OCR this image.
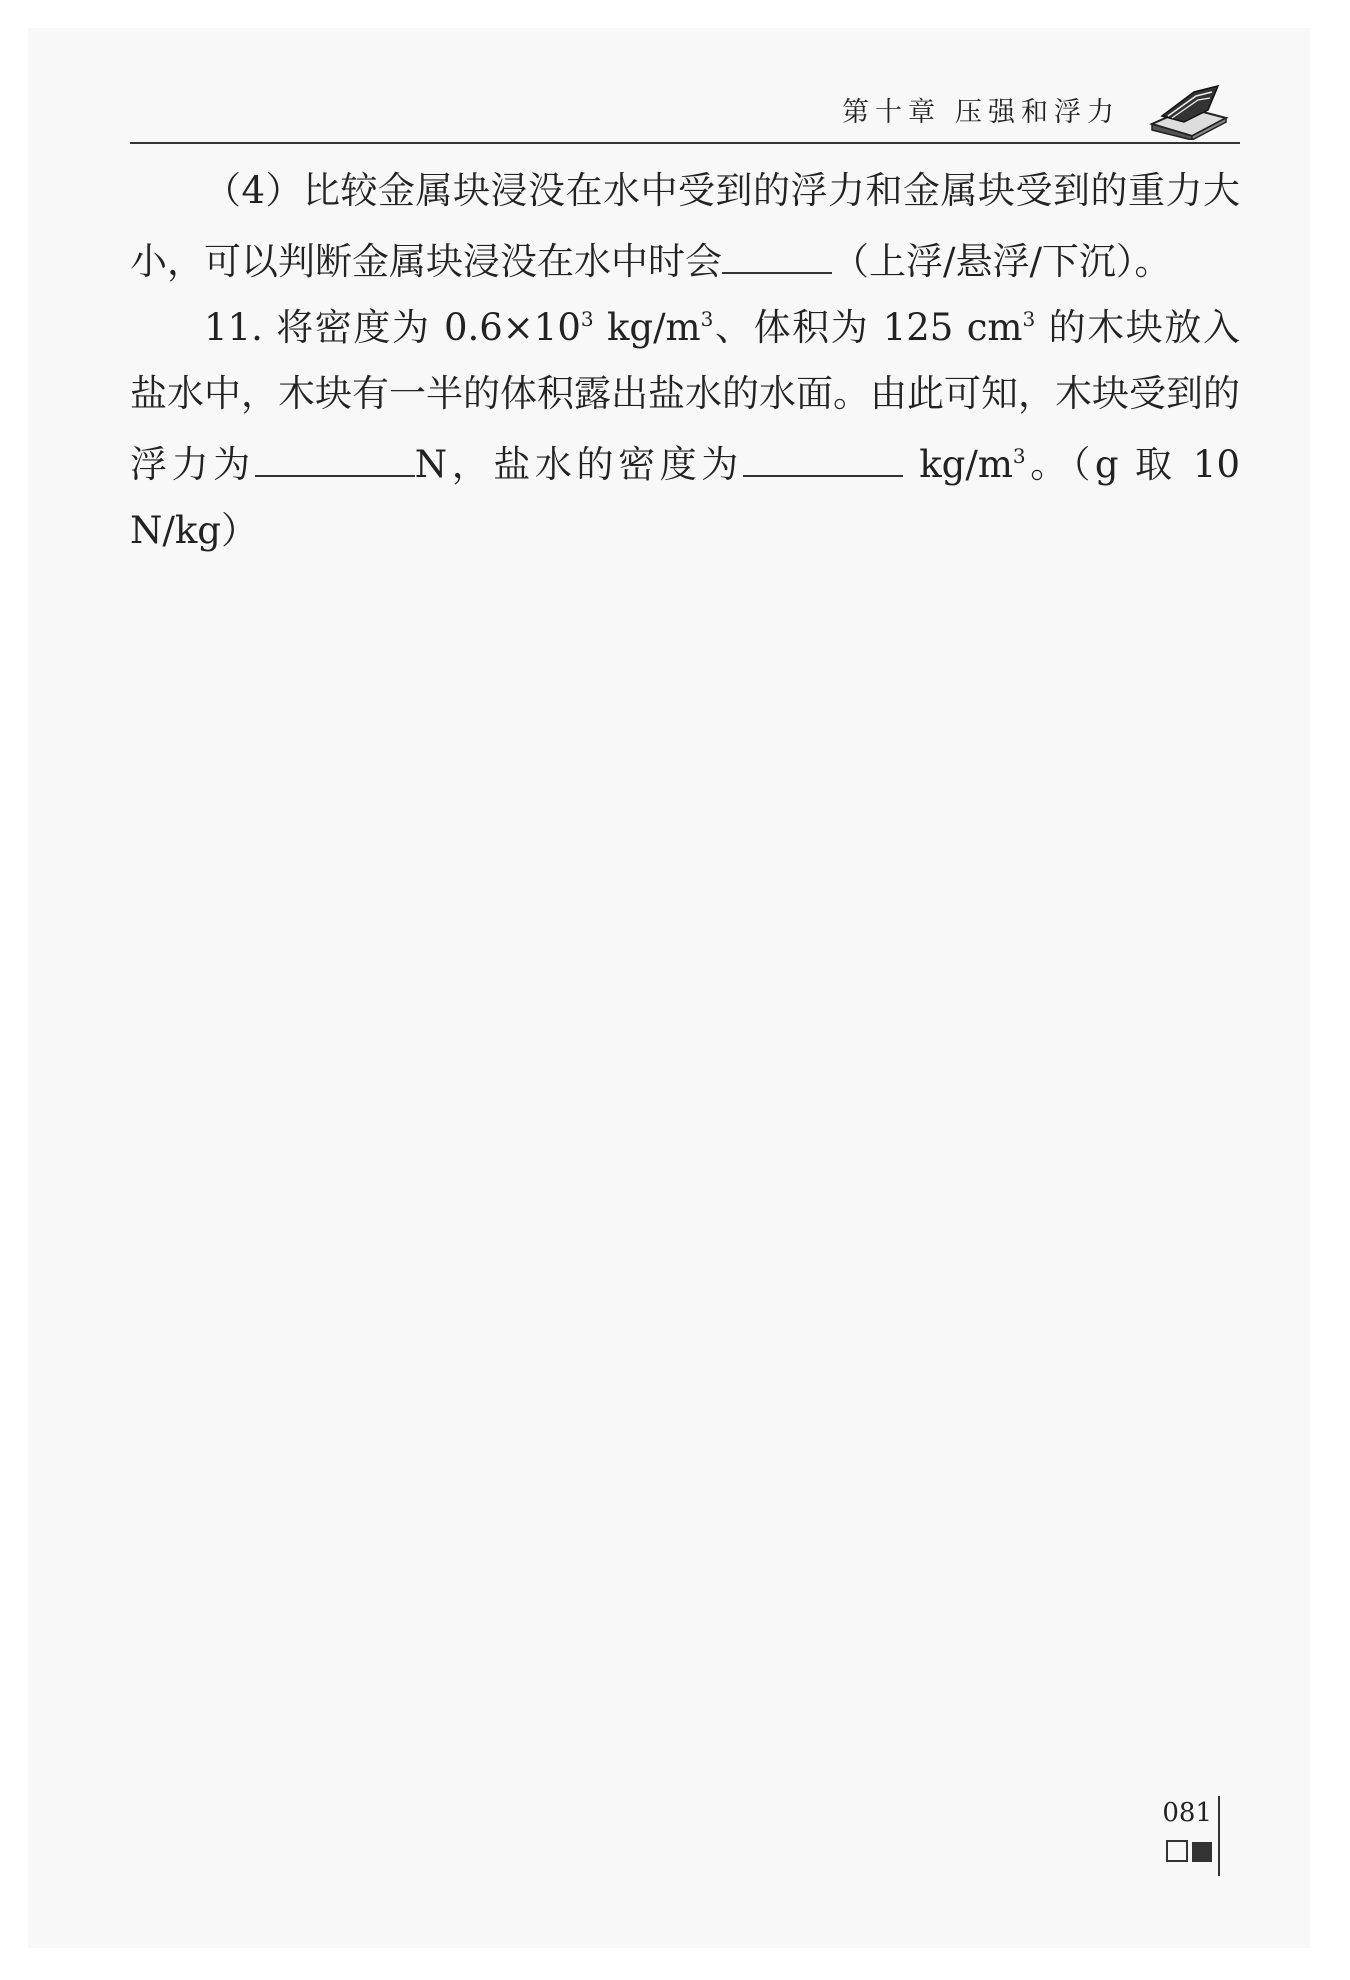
第十章 压强和浮力

（4）比较金属块浸没在水中受到的浮力和金属块受到的重力大小，可以判断金属块浸没在水中时会	（上浮/悬浮/下沉）。

11. 将密度为 $0.6\times 10^3$ $kg/m^3$、体积为 125 $cm^3$ 的木块放入盐水中，木块有一半的体积露出盐水的水面。由此可知，木块受到的浮力为	N，盐水的密度为	$kg/m^3$。（g 取 10 N/kg）

081
